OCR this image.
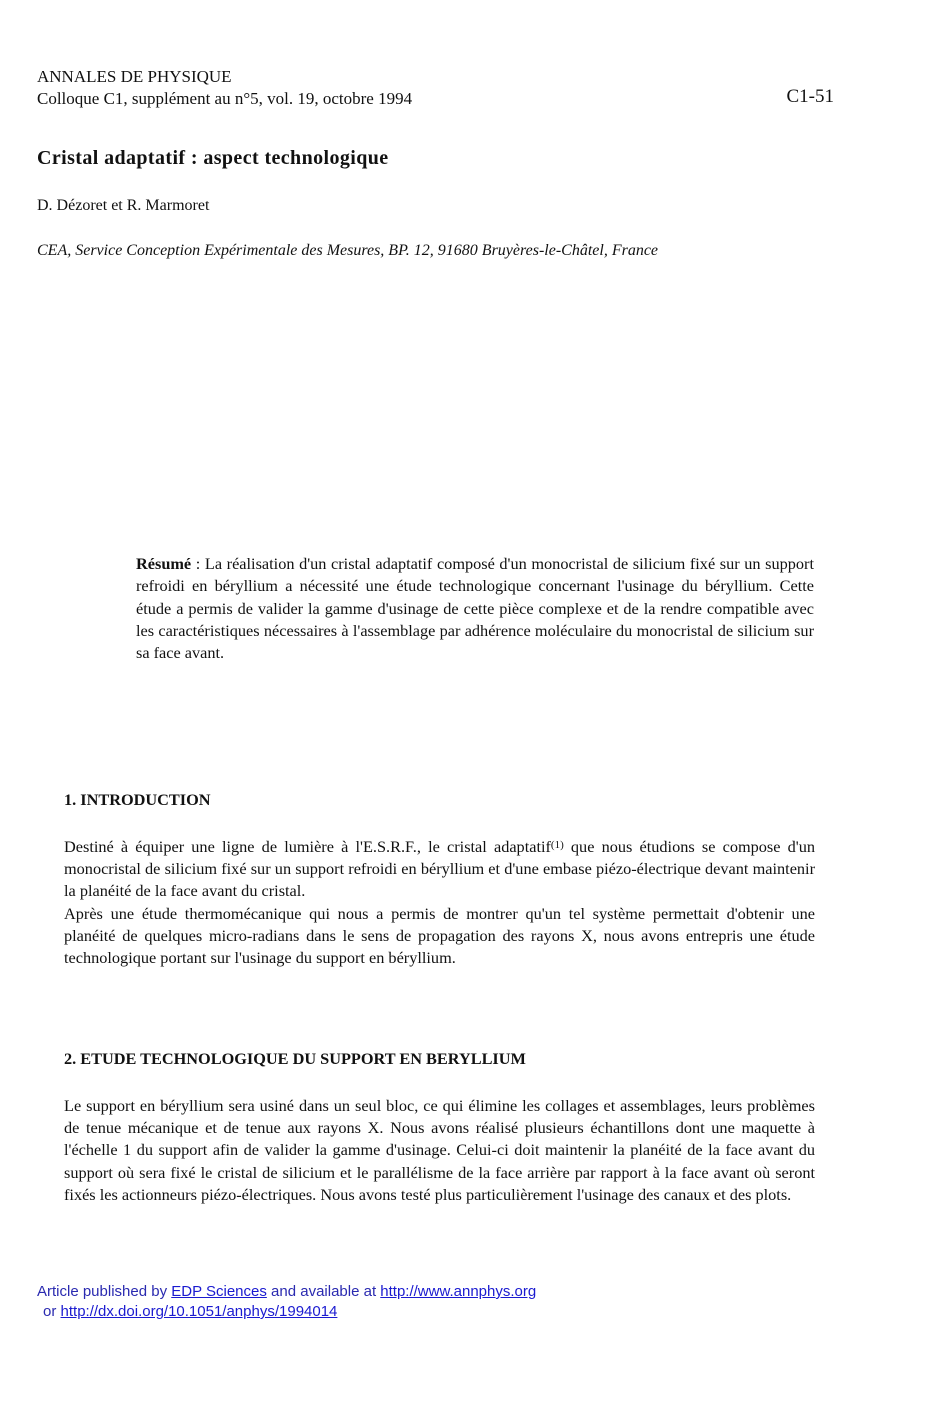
ANNALES DE PHYSIQUE
Colloque C1, supplément au n°5, vol. 19, octobre 1994	C1-51
Cristal adaptatif : aspect technologique
D. Dézoret et R. Marmoret
CEA, Service Conception Expérimentale des Mesures, BP. 12, 91680 Bruyères-le-Châtel, France
Résumé : La réalisation d'un cristal adaptatif composé d'un monocristal de silicium fixé sur un support refroidi en béryllium a nécessité une étude technologique concernant l'usinage du béryllium. Cette étude a permis de valider la gamme d'usinage de cette pièce complexe et de la rendre compatible avec les caractéristiques nécessaires à l'assemblage par adhérence moléculaire du monocristal de silicium sur sa face avant.
1. INTRODUCTION

Destiné à équiper une ligne de lumière à l'E.S.R.F., le cristal adaptatif$^{(1)}$ que nous étudions se compose d'un monocristal de silicium fixé sur un support refroidi en béryllium et d'une embase piézo-électrique devant maintenir la planéité de la face avant du cristal.

Après une étude thermomécanique qui nous a permis de montrer qu'un tel système permettait d'obtenir une planéité de quelques micro-radians dans le sens de propagation des rayons X, nous avons entrepris une étude technologique portant sur l'usinage du support en béryllium.

2. ETUDE TECHNOLOGIQUE DU SUPPORT EN BERYLLIUM

Le support en béryllium sera usiné dans un seul bloc, ce qui élimine les collages et assemblages, leurs problèmes de tenue mécanique et de tenue aux rayons X. Nous avons réalisé plusieurs échantillons dont une maquette à l'échelle 1 du support afin de valider la gamme d'usinage. Celui-ci doit maintenir la planéité de la face avant du support où sera fixé le cristal de silicium et le parallélisme de la face arrière par rapport à la face avant où seront fixés les actionneurs piézo-électriques. Nous avons testé plus particulièrement l'usinage des canaux et des plots.

Article published by EDP Sciences and available at http://www.annphys.org
or http://dx.doi.org/10.1051/anphys/1994014
